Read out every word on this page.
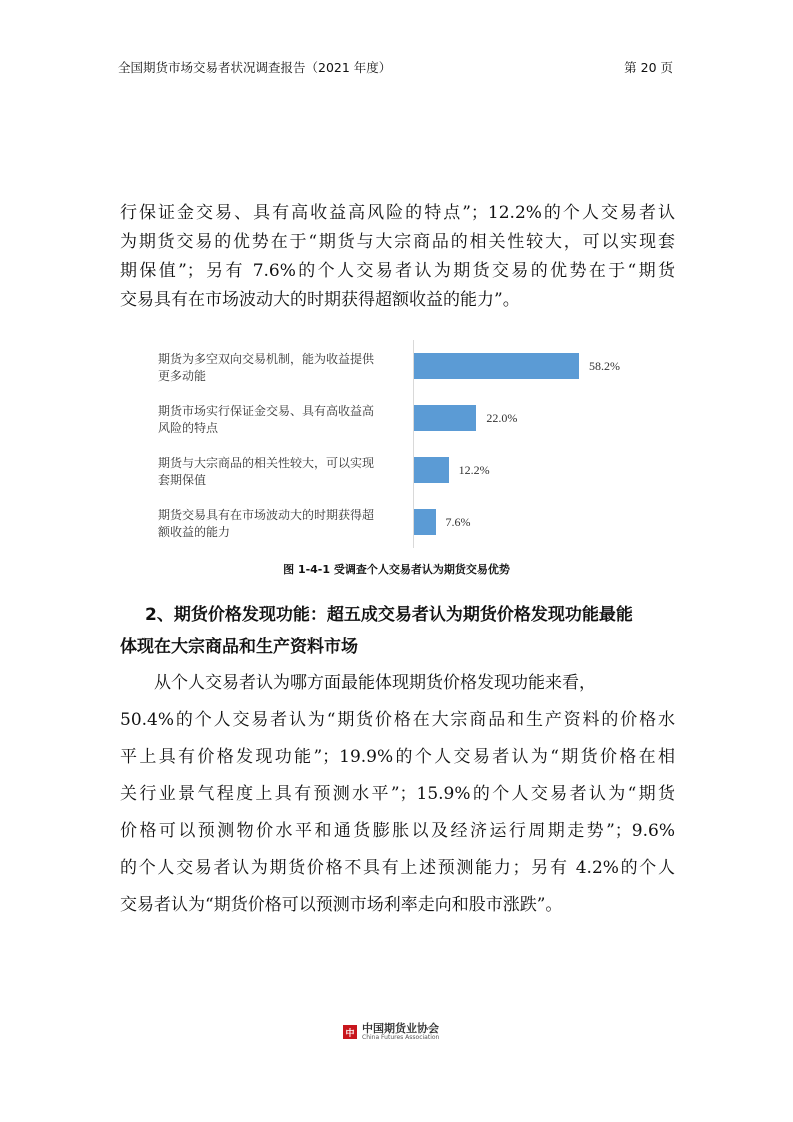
全国期货市场交易者状况调查报告（2021 年度）	第 20 页
行保证金交易、具有高收益高风险的特点”；12.2%的个人交易者认
为期货交易的优势在于“期货与大宗商品的相关性较大，可以实现套
期保值”；另有 7.6%的个人交易者认为期货交易的优势在于“期货
交易具有在市场波动大的时期获得超额收益的能力”。
期货为多空双向交易机制，能为收益提供
更多动能
58.2%
期货市场实行保证金交易、具有高收益高
风险的特点
22.0%
期货与大宗商品的相关性较大，可以实现
套期保值
12.2%
期货交易具有在市场波动大的时期获得超
额收益的能力
7.6%
图 1-4-1 受调查个人交易者认为期货交易优势
2、期货价格发现功能：超五成交易者认为期货价格发现功能最能
体现在大宗商品和生产资料市场
从个人交易者认为哪方面最能体现期货价格发现功能来看，
50.4%的个人交易者认为“期货价格在大宗商品和生产资料的价格水
平上具有价格发现功能”；19.9%的个人交易者认为“期货价格在相
关行业景气程度上具有预测水平”；15.9%的个人交易者认为“期货
价格可以预测物价水平和通货膨胀以及经济运行周期走势”；9.6%
的个人交易者认为期货价格不具有上述预测能力；另有 4.2%的个人
交易者认为“期货价格可以预测市场利率走向和股市涨跌”。
中 中国期货业协会
China Futures Association
